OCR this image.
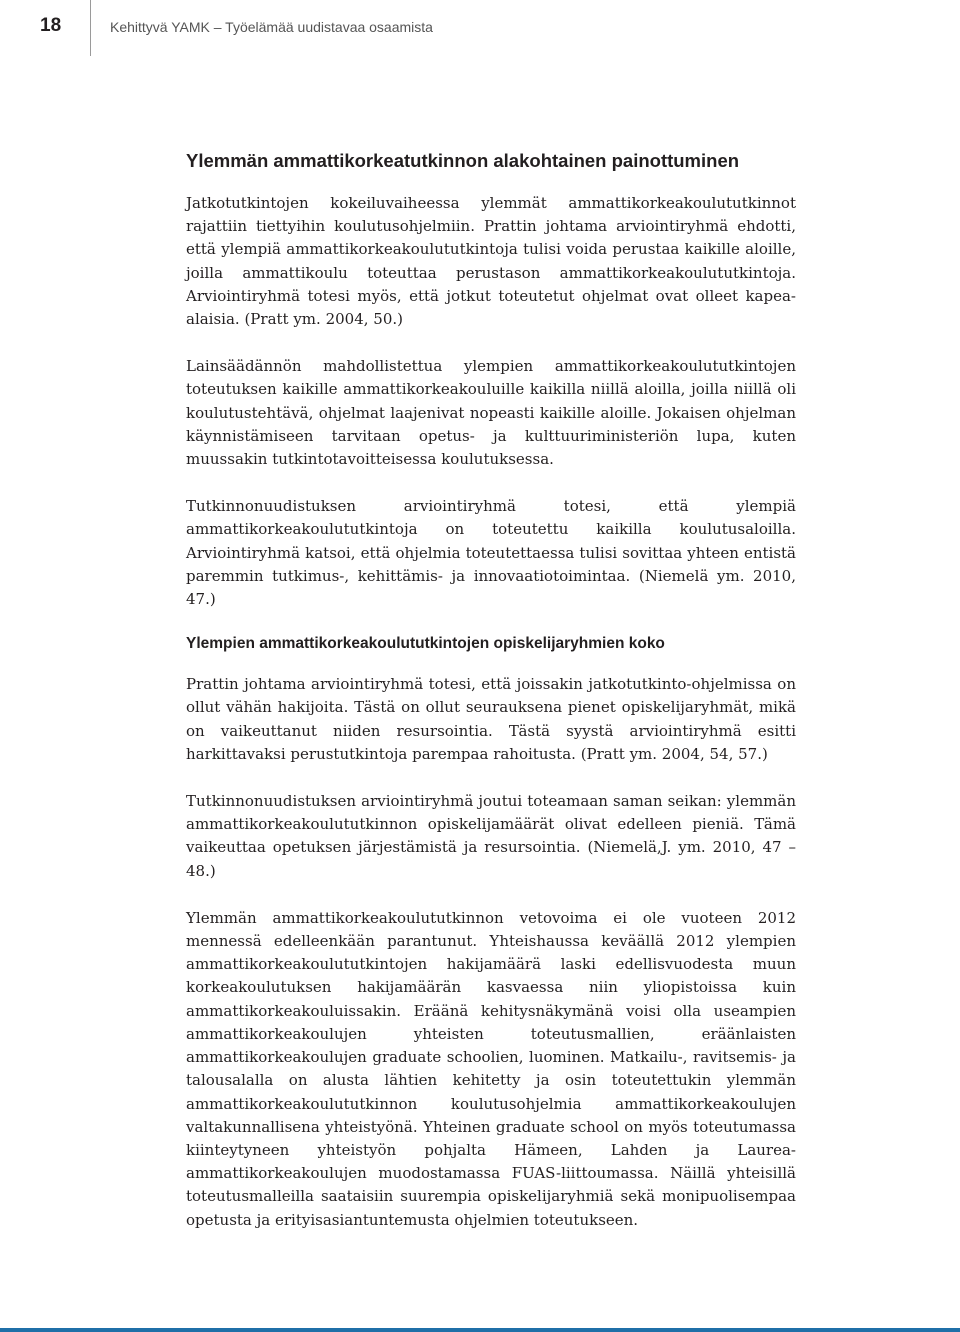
18	Kehittyvä YAMK – Työelämää uudistavaa osaamista
Ylemmän ammattikorkeatutkinnon alakohtainen painottuminen

Jatkotutkintojen kokeiluvaiheessa ylemmät ammattikorkeakoulututkinnot rajattiin tiettyihin koulutusohjelmiin. Prattin johtama arviointiryhmä ehdotti, että ylempiä ammattikorkeakoulututkintoja tulisi voida perustaa kaikille aloille, joilla ammattikoulu toteuttaa perustason ammattikorkeakoulututkintoja. Arviointiryhmä totesi myös, että jotkut toteutetut ohjelmat ovat olleet kapea-alaisia. (Pratt ym. 2004, 50.)

Lainsäädännön mahdollistettua ylempien ammattikorkeakoulututkintojen toteutuksen kaikille ammattikorkeakouluille kaikilla niillä aloilla, joilla niillä oli koulutustehtävä, ohjelmat laajenivat nopeasti kaikille aloille. Jokaisen ohjelman käynnistämiseen tarvitaan opetus- ja kulttuuriministeriön lupa, kuten muussakin tutkintotavoitteisessa koulutuksessa.

Tutkinnonuudistuksen arviointiryhmä totesi, että ylempiä ammattikorkeakoulututkintoja on toteutettu kaikilla koulutusaloilla. Arviointiryhmä katsoi, että ohjelmia toteutettaessa tulisi sovittaa yhteen entistä paremmin tutkimus-, kehittämis- ja innovaatiotoimintaa. (Niemelä ym. 2010, 47.)

Ylempien ammattikorkeakoulututkintojen opiskelijaryhmien koko

Prattin johtama arviointiryhmä totesi, että joissakin jatkotutkinto-ohjelmissa on ollut vähän hakijoita. Tästä on ollut seurauksena pienet opiskelijaryhmät, mikä on vaikeuttanut niiden resursointia. Tästä syystä arviointiryhmä esitti harkittavaksi perustutkintoja parempaa rahoitusta. (Pratt ym. 2004, 54, 57.)

Tutkinnonuudistuksen arviointiryhmä joutui toteamaan saman seikan: ylemmän ammattikorkeakoulututkinnon opiskelijamäärät olivat edelleen pieniä. Tämä vaikeuttaa opetuksen järjestämistä ja resursointia. (Niemelä,J. ym. 2010, 47 – 48.)

Ylemmän ammattikorkeakoulututkinnon vetovoima ei ole vuoteen 2012 mennessä edelleenkään parantunut. Yhteishaussa keväällä 2012 ylempien ammattikorkeakoulututkintojen hakijamäärä laski edellisvuodesta muun korkeakoulutuksen hakijamäärän kasvaessa niin yliopistoissa kuin ammattikorkeakouluissakin. Eräänä kehitysnäkymänä voisi olla useampien ammattikorkeakoulujen yhteisten toteutusmallien, eräänlaisten ammattikorkeakoulujen graduate schoolien, luominen. Matkailu-, ravitsemis- ja talousalalla on alusta lähtien kehitetty ja osin toteutettukin ylemmän ammattikorkeakoulututkinnon koulutusohjelmia ammattikorkeakoulujen valtakunnallisena yhteistyönä. Yhteinen graduate school on myös toteutumassa kiinteytyneen yhteistyön pohjalta Hämeen, Lahden ja Laurea-ammattikorkeakoulujen muodostamassa FUAS-liittoumassa. Näillä yhteisillä toteutusmalleilla saataisiin suurempia opiskelijaryhmiä sekä monipuolisempaa opetusta ja erityisasiantuntemusta ohjelmien toteutukseen.
